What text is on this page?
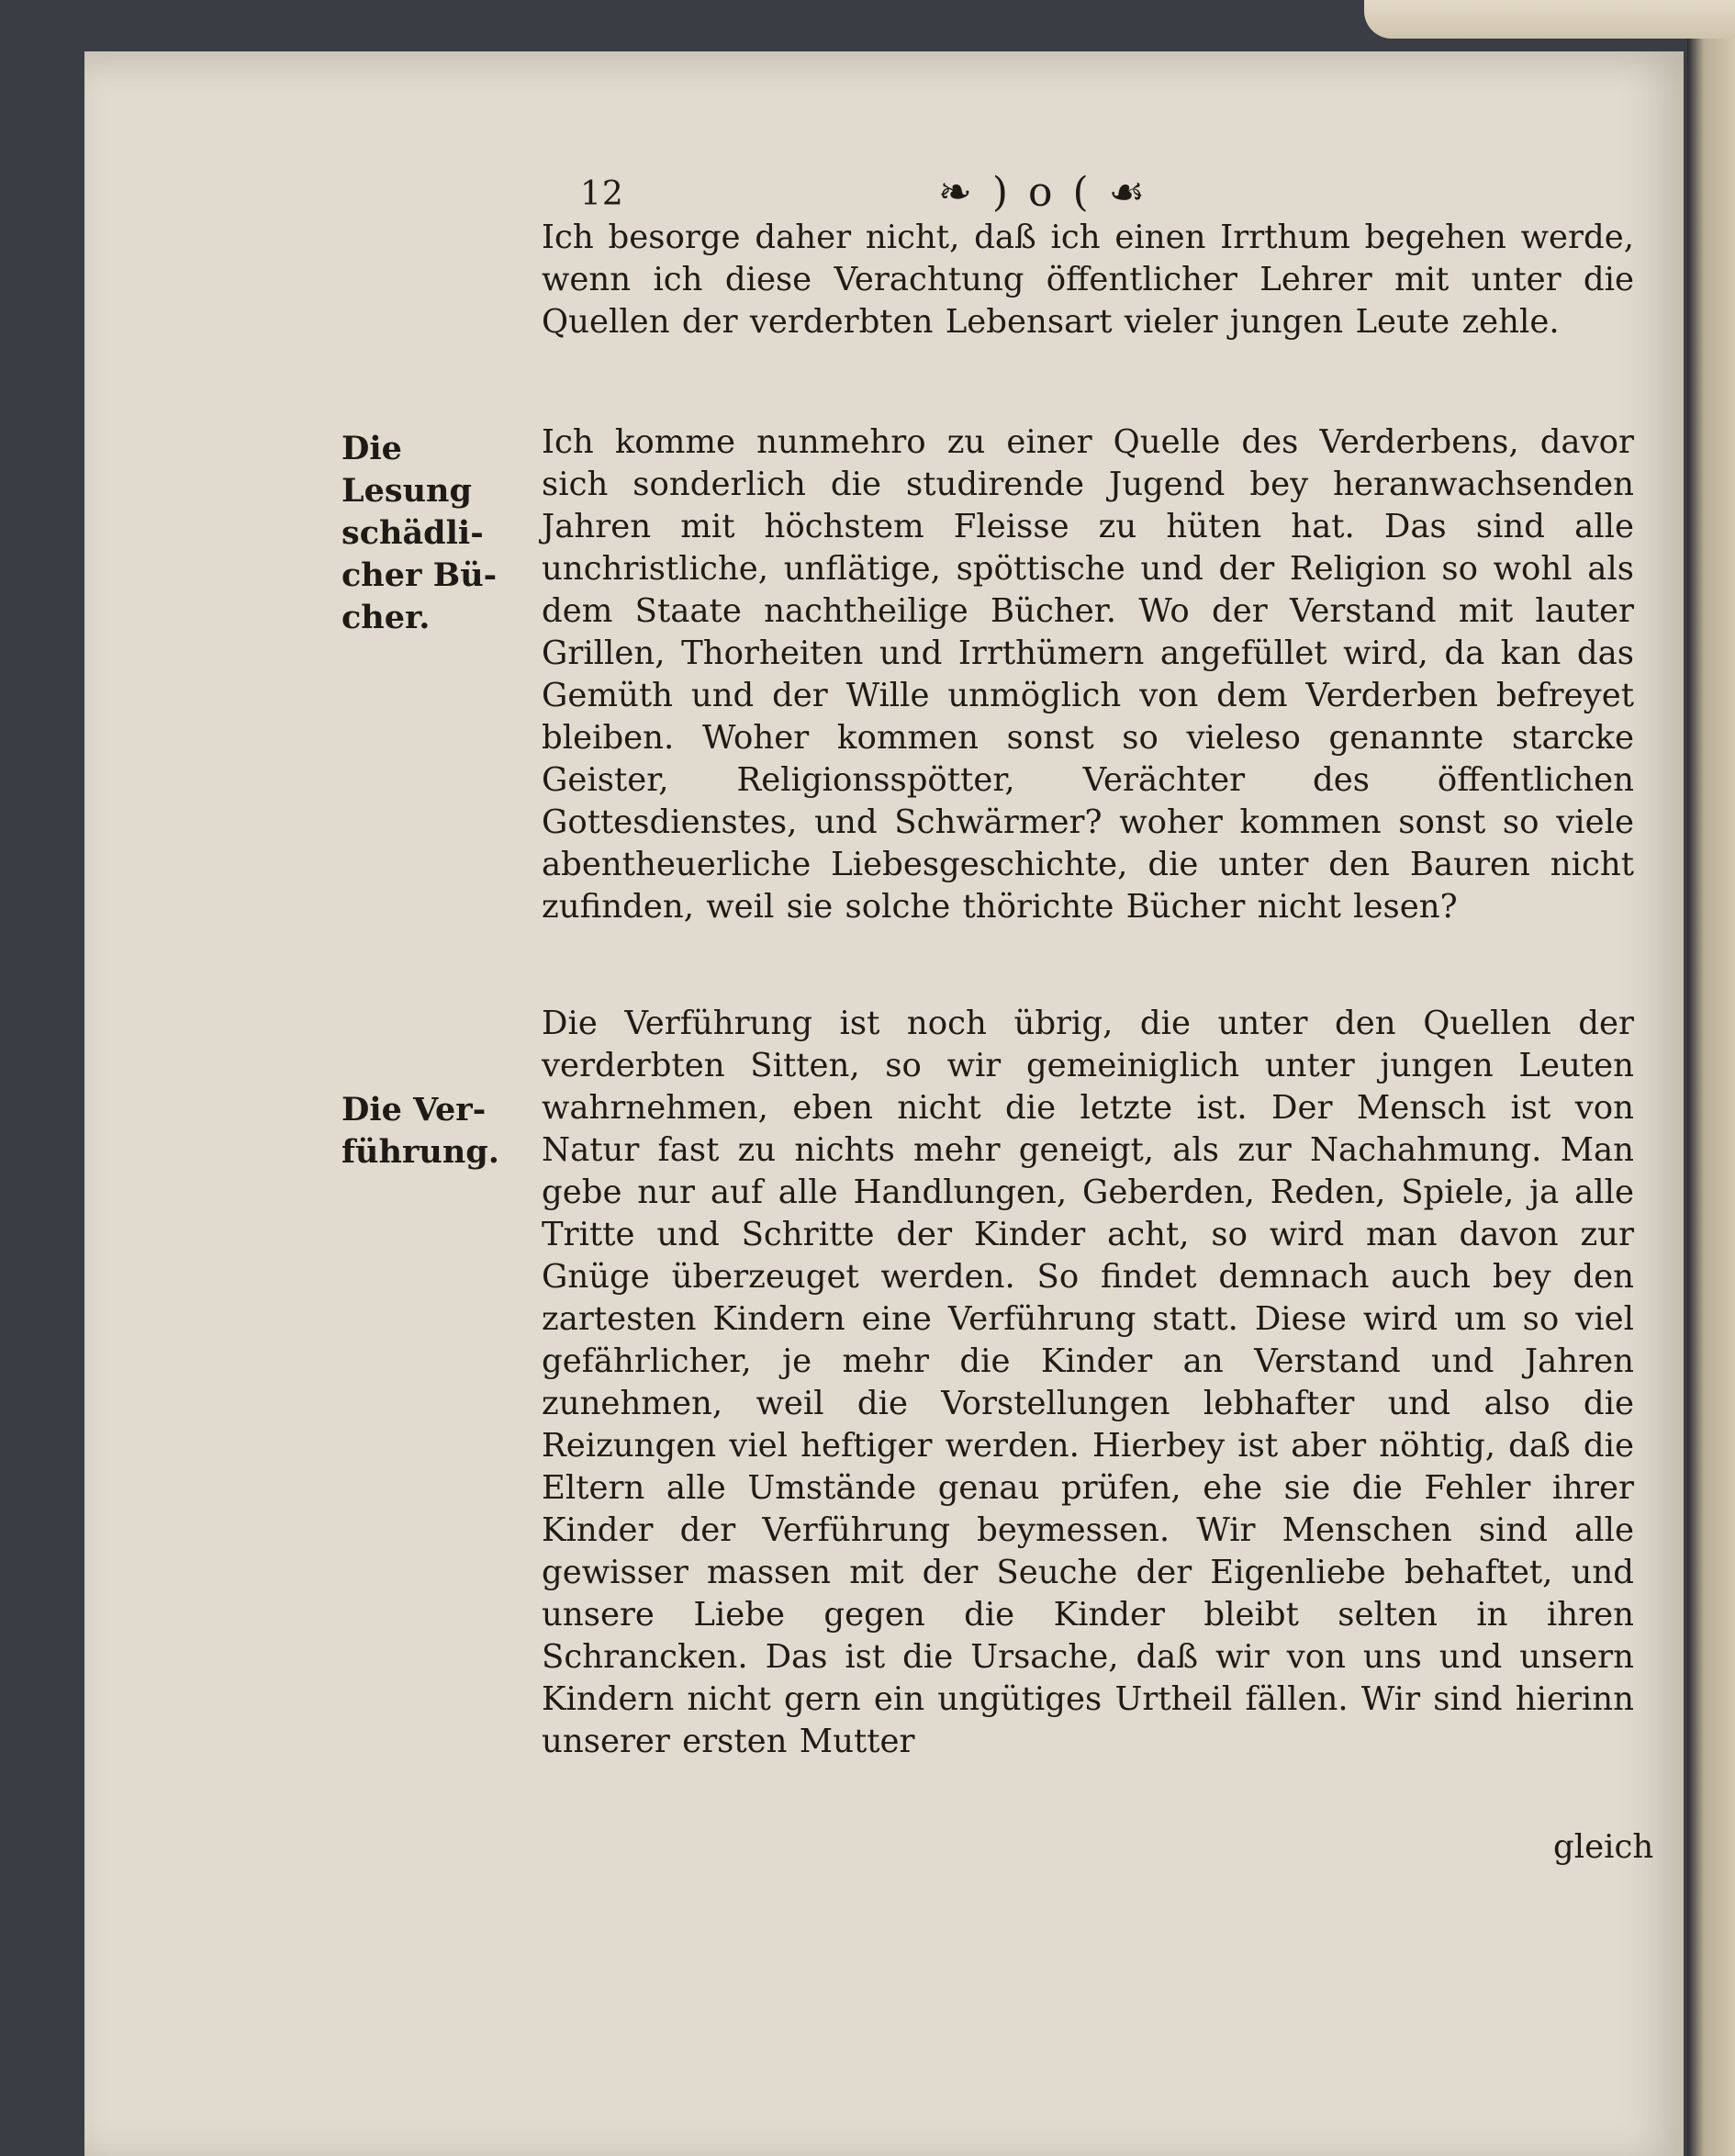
12	❧ ) o ( ☙

Ich besorge daher nicht, daß ich einen Irrthum begehen werde, wenn ich diese Verachtung öffentlicher Lehrer mit unter die Quellen der verderbten Lebensart vieler jungen Leute zehle.

Die Lesung
schädli-
cher Bü-
cher.

Ich komme nunmehro zu einer Quelle des Verderbens, davor sich sonderlich die studirende Jugend bey heranwachsenden Jahren mit höchstem Fleisse zu hüten hat. Das sind alle unchristliche, unflätige, spöttische und der Religion so wohl als dem Staate nachtheilige Bücher. Wo der Verstand mit lauter Grillen, Thorheiten und Irrthümern angefüllet wird, da kan das Gemüth und der Wille unmöglich von dem Verderben befreyet bleiben. Woher kommen sonst so vieleso genannte starcke Geister, Religionsspötter, Verächter des öffentlichen Gottesdienstes, und Schwärmer? woher kommen sonst so viele abentheuerliche Liebesgeschichte, die unter den Bauren nicht zufinden, weil sie solche thörichte Bücher nicht lesen?

Die Ver-
führung.

Die Verführung ist noch übrig, die unter den Quellen der verderbten Sitten, so wir gemeiniglich unter jungen Leuten wahrnehmen, eben nicht die letzte ist. Der Mensch ist von Natur fast zu nichts mehr geneigt, als zur Nachahmung. Man gebe nur auf alle Handlungen, Geberden, Reden, Spiele, ja alle Tritte und Schritte der Kinder acht, so wird man davon zur Gnüge überzeuget werden. So findet demnach auch bey den zartesten Kindern eine Verführung statt. Diese wird um so viel gefährlicher, je mehr die Kinder an Verstand und Jahren zunehmen, weil die Vorstellungen lebhafter und also die Reizungen viel heftiger werden. Hierbey ist aber nöhtig, daß die Eltern alle Umstände genau prüfen, ehe sie die Fehler ihrer Kinder der Verführung beymessen. Wir Menschen sind alle gewisser massen mit der Seuche der Eigenliebe behaftet, und unsere Liebe gegen die Kinder bleibt selten in ihren Schrancken. Das ist die Ursache, daß wir von uns und unsern Kindern nicht gern ein ungütiges Urtheil fällen. Wir sind hierinn unserer ersten Mutter

gleich
